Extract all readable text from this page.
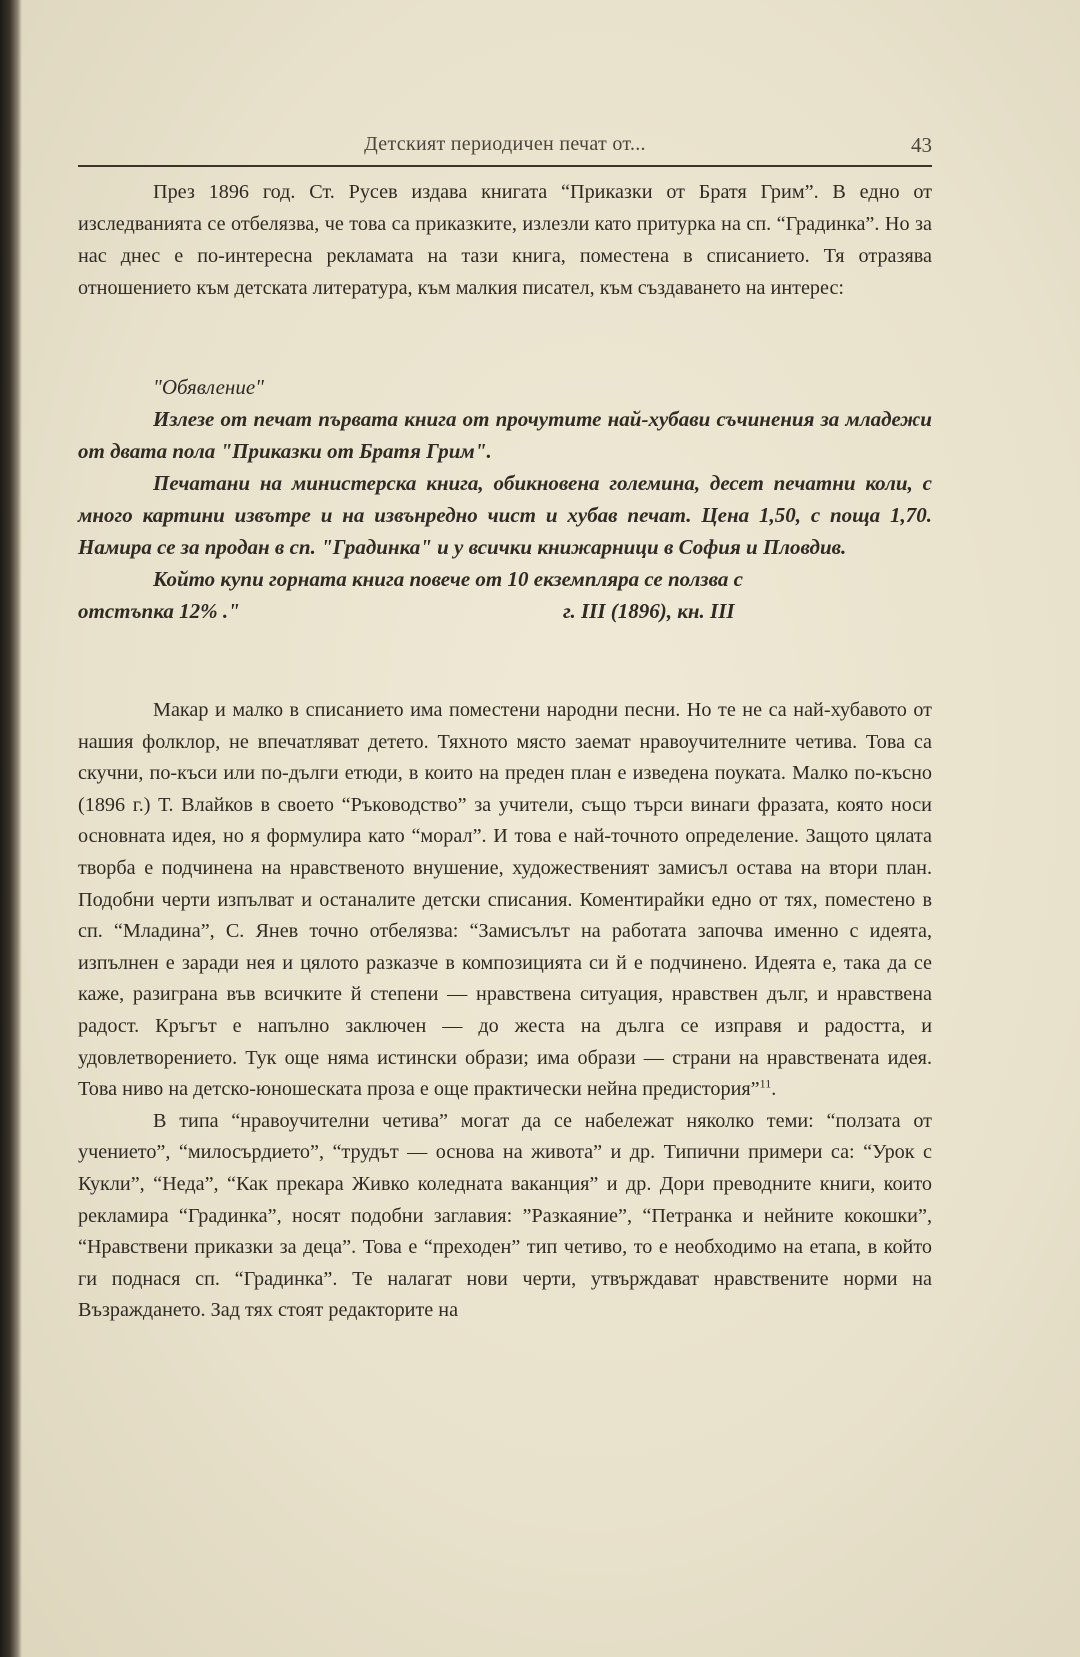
Детският периодичен печат от...	43
През 1896 год. Ст. Русев издава книгата “Приказки от Братя Грим”. В едно от изследванията се отбелязва, че това са приказките, излезли като притурка на сп. “Градинка”. Но за нас днес е по-интересна рекламата на тази книга, поместена в списанието. Тя отразява отношението към детската литература, към малкия писател, към създаването на интерес:
"Обявление"
Излезе от печат първата книга от прочутите най-хубави съчинения за младежи от двата пола "Приказки от Братя Грим".
Печатани на министерска книга, обикновена големина, десет печатни коли, с много картини извътре и на извънредно чист и хубав печат. Цена 1,50, с поща 1,70. Намира се за продан в сп. "Градинка" и у всички книжарници в София и Пловдив.
Който купи горната книга повече от 10 екземпляра се ползва с
отстъпка 12% ."	г. III (1896), кн. III
Макар и малко в списанието има поместени народни песни. Но те не са най-хубавото от нашия фолклор, не впечатляват детето. Тяхното място заемат нравоучителните четива. Това са скучни, по-къси или по-дълги етюди, в които на преден план е изведена поуката. Малко по-късно (1896 г.) Т. Влайков в своето “Ръководство” за учители, също търси винаги фразата, която носи основната идея, но я формулира като “морал”. И това е най-точното определение. Защото цялата творба е подчинена на нравственото внушение, художественият замисъл остава на втори план. Подобни черти изпълват и останалите детски списания. Коментирайки едно от тях, поместено в сп. “Младина”, С. Янев точно отбелязва: “Замисълът на работата започва именно с идеята, изпълнен е заради нея и цялото разказче в композицията си й е подчинено. Идеята е, така да се каже, разиграна във всичките й степени — нравствена ситуация, нравствен дълг, и нравствена радост. Кръгът е напълно заключен — до жеста на дълга се изправя и радостта, и удовлетворението. Тук още няма истински образи; има образи — страни на нравствената идея. Това ниво на детско-юношеската проза е още практически нейна предистория”$^{11}$.
В типа “нравоучителни четива” могат да се набележат няколко теми: “ползата от учението”, “милосърдието”, “трудът — основа на живота” и др. Типични примери са: “Урок с Кукли”, “Неда”, “Как прекара Живко коледната ваканция” и др. Дори преводните книги, които рекламира “Градинка”, носят подобни заглавия: ”Разкаяние”, “Петранка и нейните кокошки”, “Нравствени приказки за деца”. Това е “преходен” тип четиво, то е необходимо на етапа, в който ги поднася сп. “Градинка”. Те налагат нови черти, утвърждават нравствените норми на Възраждането. Зад тях стоят редакторите на
